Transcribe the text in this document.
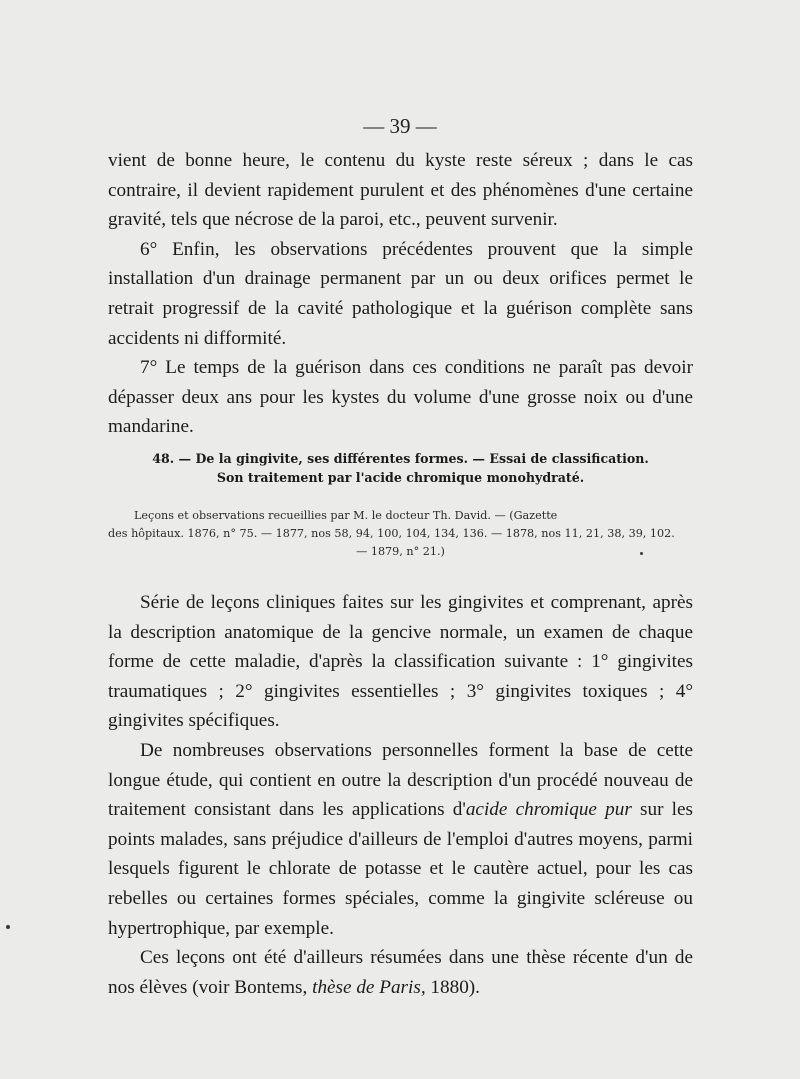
— 39 —

vient de bonne heure, le contenu du kyste reste séreux ; dans le cas contraire, il devient rapidement purulent et des phénomènes d'une certaine gravité, tels que nécrose de la paroi, etc., peuvent survenir.

6° Enfin, les observations précédentes prouvent que la simple installation d'un drainage permanent par un ou deux orifices permet le retrait progressif de la cavité pathologique et la guérison complète sans accidents ni difformité.

7° Le temps de la guérison dans ces conditions ne paraît pas devoir dépasser deux ans pour les kystes du volume d'une grosse noix ou d'une mandarine.

48. — De la gingivite, ses différentes formes. — Essai de classification.
Son traitement par l'acide chromique monohydraté.
Leçons et observations recueillies par M. le docteur Th. David. — (Gazette
des hôpitaux. 1876, n° 75. — 1877, nos 58, 94, 100, 104, 134, 136. — 1878, nos 11, 21, 38, 39, 102.
— 1879, n° 21.)

Série de leçons cliniques faites sur les gingivites et comprenant, après la description anatomique de la gencive normale, un examen de chaque forme de cette maladie, d'après la classification suivante : 1° gingivites traumatiques ; 2° gingivites essentielles ; 3° gingivites toxiques ; 4° gingivites spécifiques.

De nombreuses observations personnelles forment la base de cette longue étude, qui contient en outre la description d'un procédé nouveau de traitement consistant dans les applications d'acide chromique pur sur les points malades, sans préjudice d'ailleurs de l'emploi d'autres moyens, parmi lesquels figurent le chlorate de potasse et le cautère actuel, pour les cas rebelles ou certaines formes spéciales, comme la gingivite scléreuse ou hypertrophique, par exemple.

Ces leçons ont été d'ailleurs résumées dans une thèse récente d'un de nos élèves (voir Bontems, thèse de Paris, 1880).
